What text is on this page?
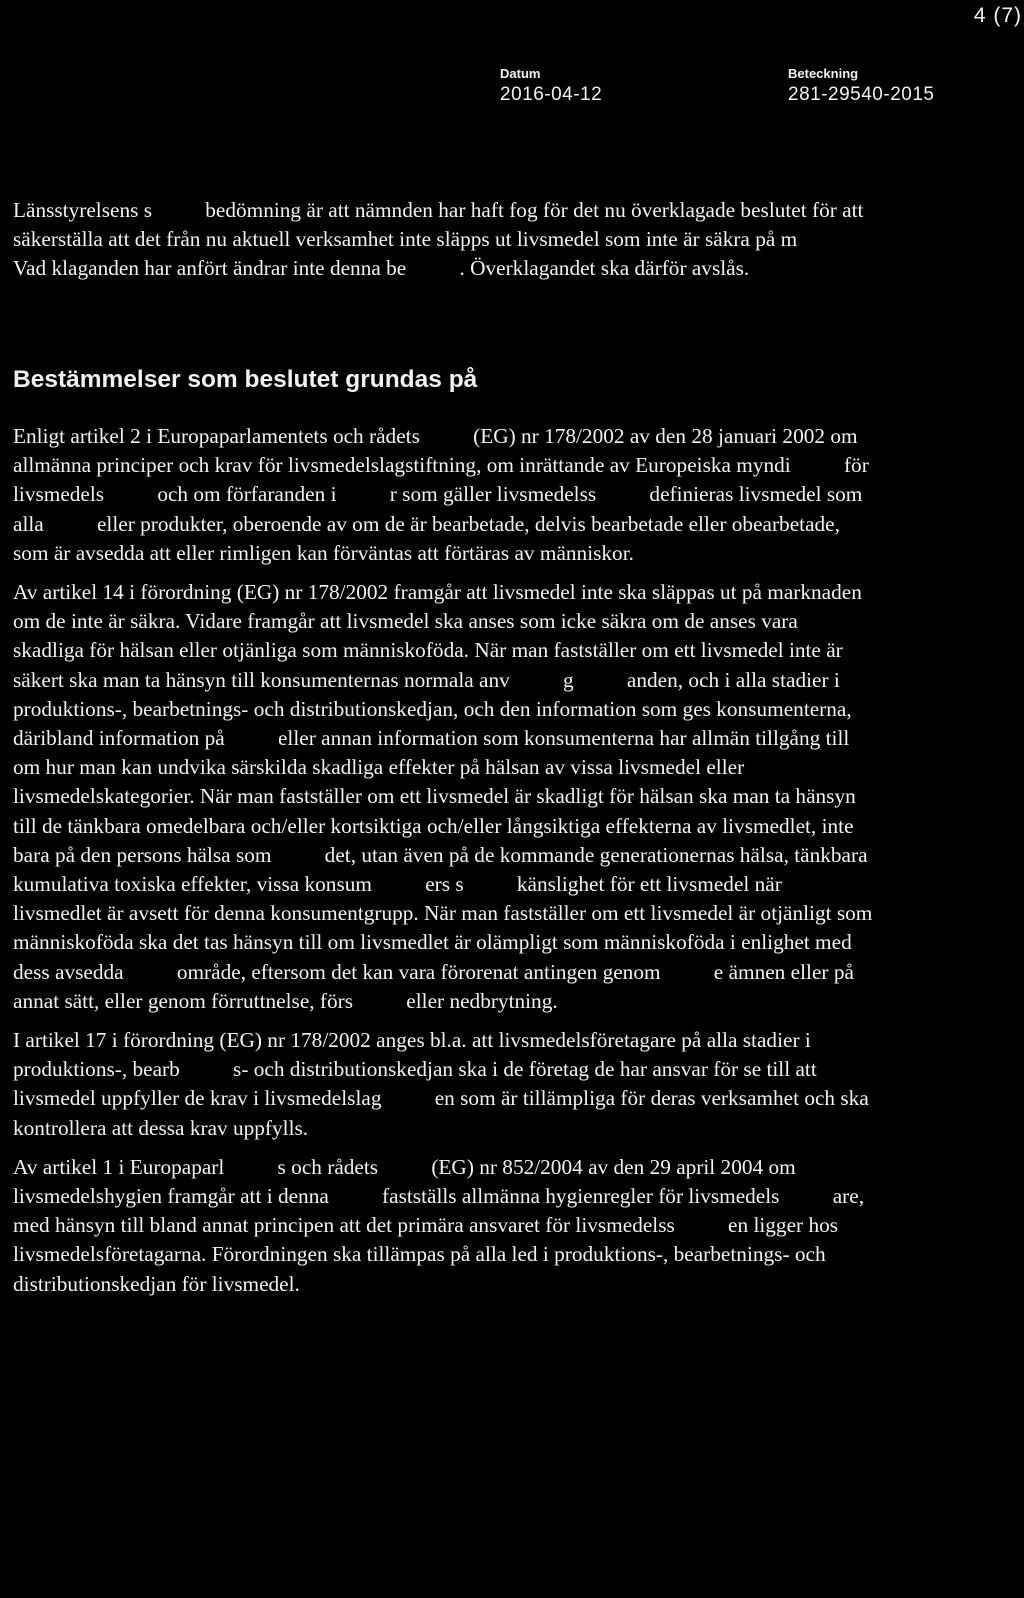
4 (7)
Datum
2016-04-12
Beteckning
281-29540-2015

Länsstyrelsens s          bedömning är att nämnden har haft fog för det nu överklagade beslutet för att säkerställa att det från nu aktuell verksamhet inte släpps ut livsmedel som inte är säkra på m          Vad klaganden har anfört ändrar inte denna be          . Överklagandet ska därför avslås.

Bestämmelser som beslutet grundas på

Enligt artikel 2 i Europaparlamentets och rådets          (EG) nr 178/2002 av den 28 januari 2002 om allmänna principer och krav för livsmedelslagstiftning, om inrättande av Europeiska myndi          för livsmedels          och om förfaranden i          r som gäller livsmedelss          definieras livsmedel som alla          eller produkter, oberoende av om de är bearbetade, delvis bearbetade eller obearbetade, som är avsedda att eller rimligen kan förväntas att förtäras av människor.

Av artikel 14 i förordning (EG) nr 178/2002 framgår att livsmedel inte ska släppas ut på marknaden om de inte är säkra. Vidare framgår att livsmedel ska anses som icke säkra om de anses vara skadliga för hälsan eller otjänliga som människoföda. När man fastställer om ett livsmedel inte är säkert ska man ta hänsyn till konsumenternas normala anv          g          anden, och i alla stadier i produktions-, bearbetnings- och distributionskedjan, och den information som ges konsumenterna, däribland information på          eller annan information som konsumenterna har allmän tillgång till om hur man kan undvika särskilda skadliga effekter på hälsan av vissa livsmedel eller livsmedelskategorier. När man fastställer om ett livsmedel är skadligt för hälsan ska man ta hänsyn till de tänkbara omedelbara och/eller kortsiktiga och/eller långsiktiga effekterna av livsmedlet, inte bara på den persons hälsa som          det, utan även på de kommande generationernas hälsa, tänkbara kumulativa toxiska effekter, vissa konsum          ers s          känslighet för ett livsmedel när livsmedlet är avsett för denna konsumentgrupp. När man fastställer om ett livsmedel är otjänligt som människoföda ska det tas hänsyn till om livsmedlet är olämpligt som människoföda i enlighet med dess avsedda          område, eftersom det kan vara förorenat antingen genom          e ämnen eller på annat sätt, eller genom förruttnelse, förs          eller nedbrytning.

I artikel 17 i förordning (EG) nr 178/2002 anges bl.a. att livsmedelsföretagare på alla stadier i produktions-, bearb          s- och distributionskedjan ska i de företag de har ansvar för se till att livsmedel uppfyller de krav i livsmedelslag          en som är tillämpliga för deras verksamhet och ska kontrollera att dessa krav uppfylls.

Av artikel 1 i Europaparl          s och rådets          (EG) nr 852/2004 av den 29 april 2004 om livsmedelshygien framgår att i denna          fastställs allmänna hygienregler för livsmedels          are, med hänsyn till bland annat principen att det primära ansvaret för livsmedelss          en ligger hos livsmedelsföretagarna. Förordningen ska tillämpas på alla led i produktions-, bearbetnings- och distributionskedjan för livsmedel.
